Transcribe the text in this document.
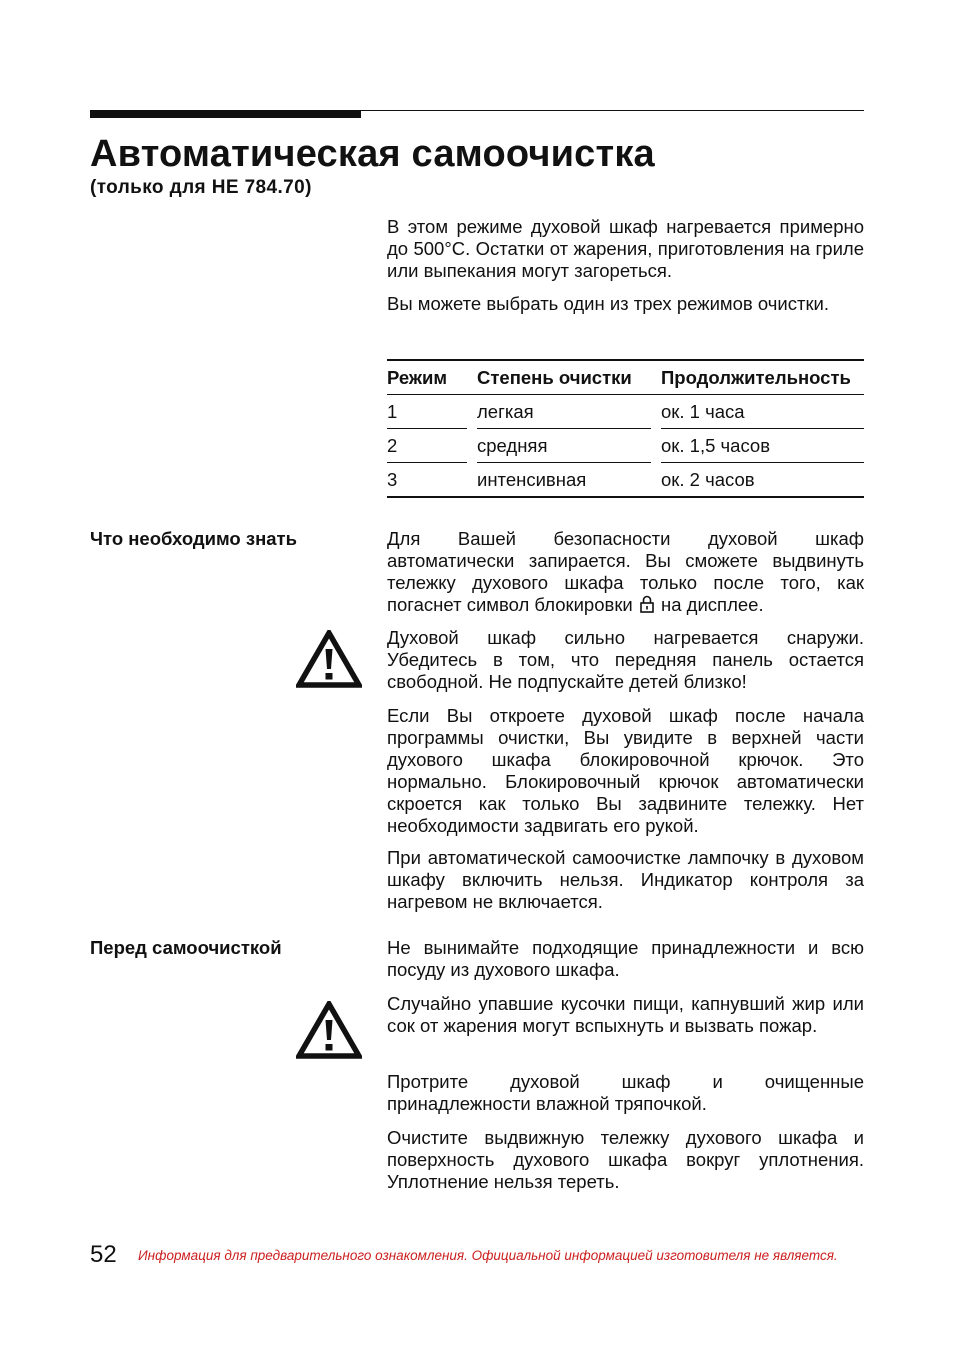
Автоматическая самоочистка

(только для HE 784.70)

В этом режиме духовой шкаф нагревается примерно до 500°С. Остатки от жарения, приготовления на гриле или выпекания могут загореться.

Вы можете выбрать один из трех режимов очистки.

Режим		Степень очистки		Продолжительность
1		легкая		ок. 1 часа
2		средняя		ок. 1,5 часов
3		интенсивная		ок. 2 часов

Что необходимо знать	Для Вашей безопасности духовой шкаф автоматически запирается. Вы сможете выдвинуть тележку духового шкафа только после того, как погаснет символ блокировки на дисплее.

Духовой шкаф сильно нагревается снаружи. Убедитесь в том, что передняя панель остается свободной. Не подпускайте детей близко!

Если Вы откроете духовой шкаф после начала программы очистки, Вы увидите в верхней части духового шкафа блокировочной крючок. Это нормально. Блокировочный крючок автоматически скроется как только Вы задвините тележку. Нет необходимости задвигать его рукой.

При автоматической самоочистке лампочку в духовом шкафу включить нельзя. Индикатор контроля за нагревом не включается.

Перед самоочисткой	Не вынимайте подходящие принадлежности и всю посуду из духового шкафа.

Случайно упавшие кусочки пищи, капнувший жир или сок от жарения могут вспыхнуть и вызвать пожар.

Протрите духовой шкаф и очищенные принадлежности влажной тряпочкой.

Очистите выдвижную тележку духового шкафа и поверхность духового шкафа вокруг уплотнения. Уплотнение нельзя тереть.

52 Информация для предварительного ознакомления. Официальной информацией изготовителя не является.
